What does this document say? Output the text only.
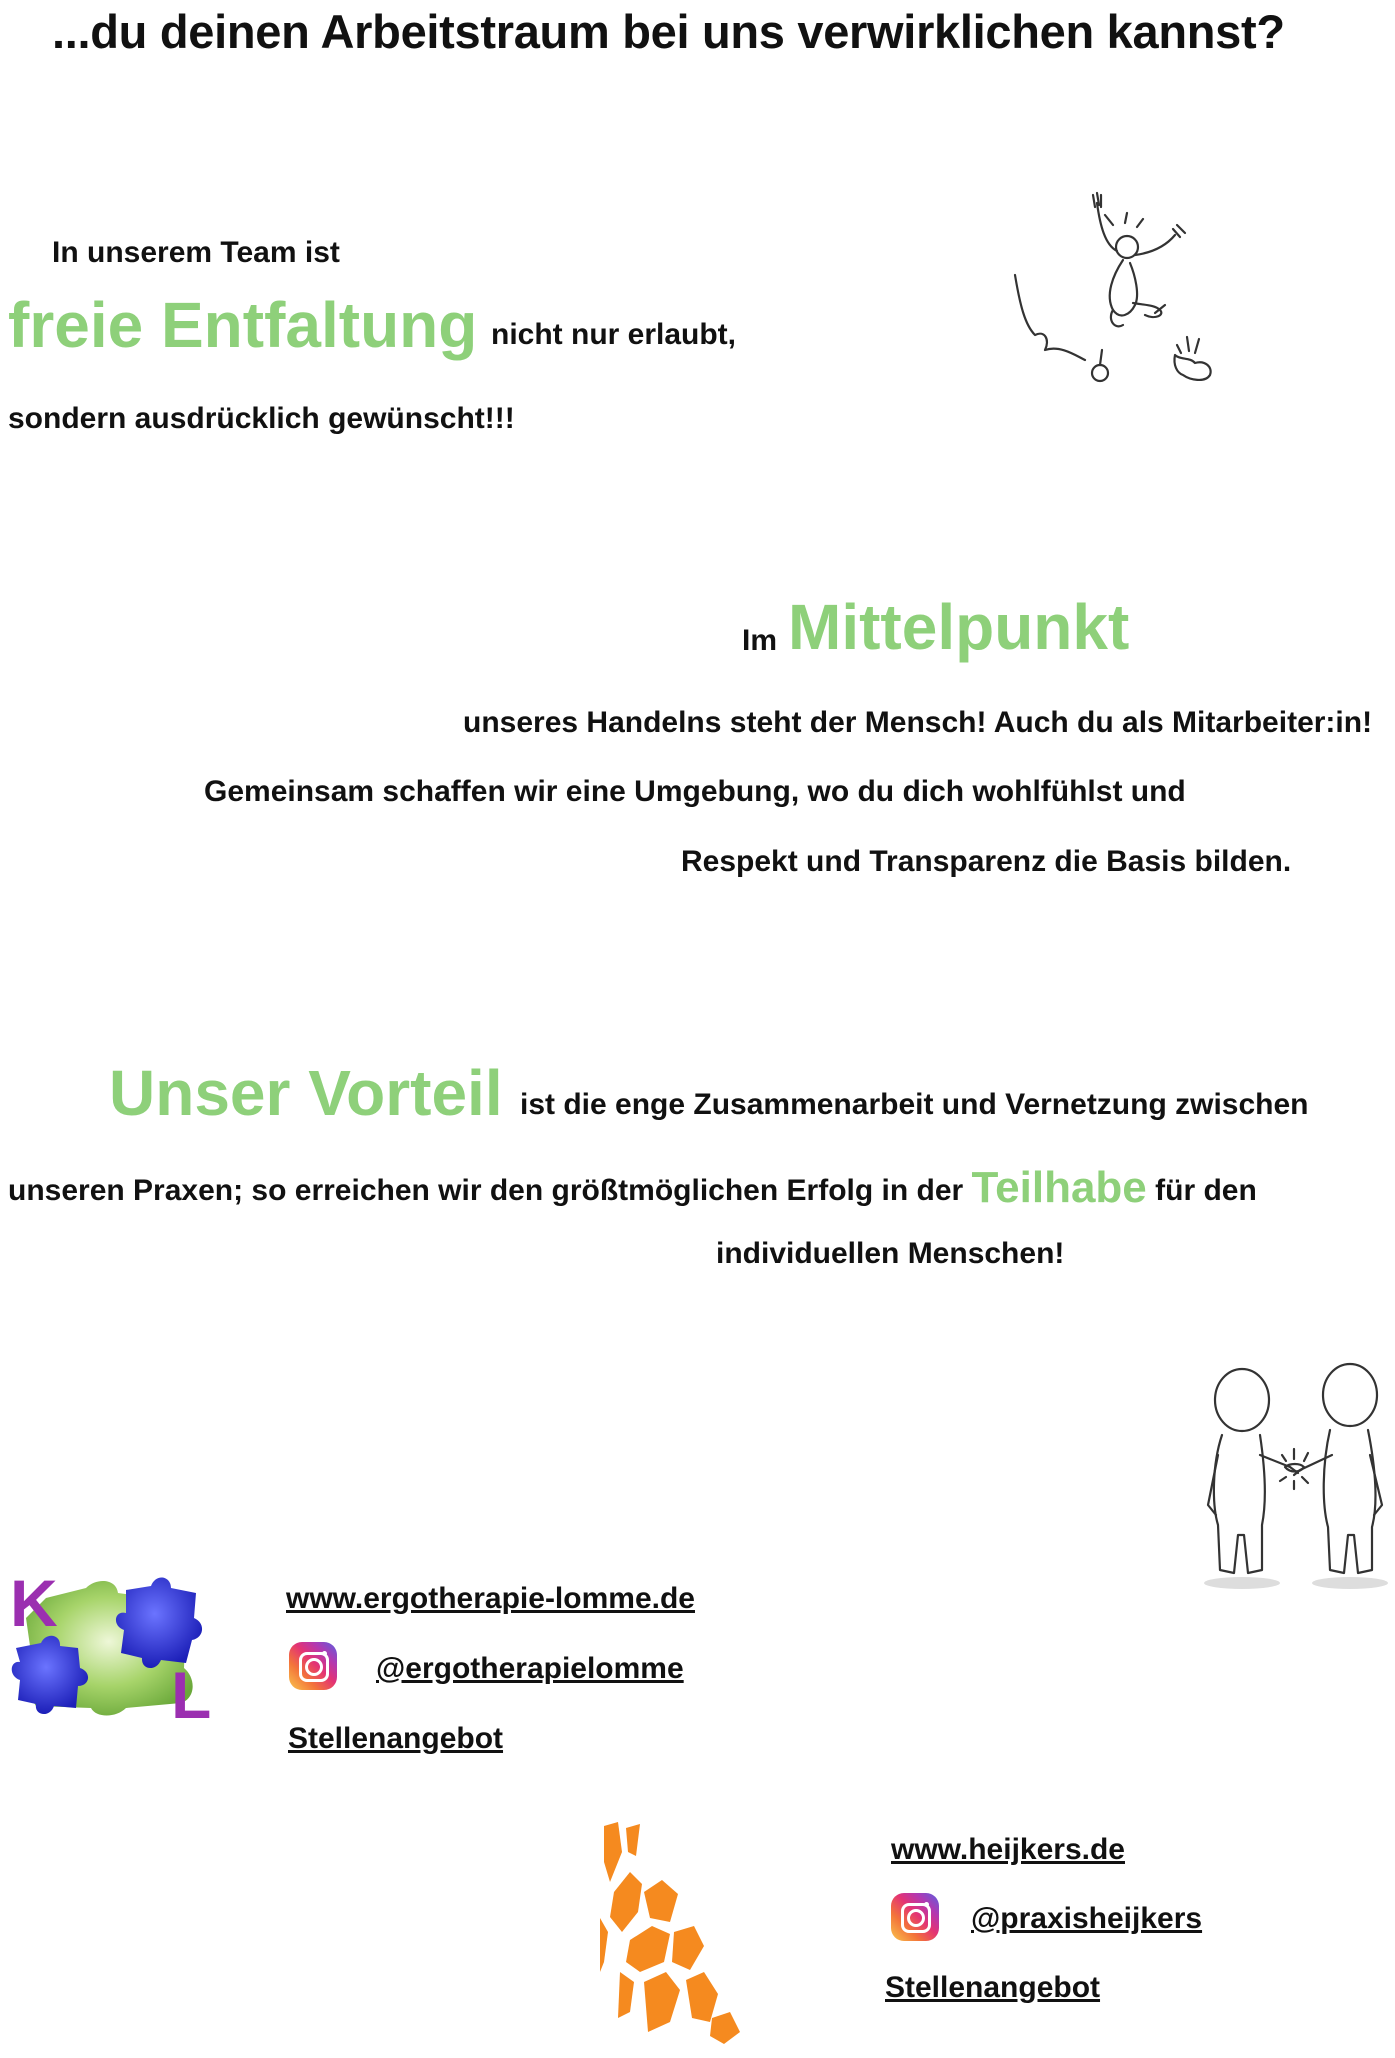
...du deinen Arbeitstraum bei uns verwirklichen kannst?
In unserem Team ist
freie Entfaltung nicht nur erlaubt,
sondern ausdrücklich gewünscht!!!
Im Mittelpunkt
unseres Handelns steht der Mensch! Auch du als Mitarbeiter:in!
Gemeinsam schaffen wir eine Umgebung, wo du dich wohlfühlst und
Respekt und Transparenz die Basis bilden.
Unser Vorteil ist die enge Zusammenarbeit und Vernetzung zwischen
unseren Praxen; so erreichen wir den größtmöglichen Erfolg in der Teilhabe für den
individuellen Menschen!
K
L
www.ergotherapie-lomme.de
@ergotherapielomme
Stellenangebot
www.heijkers.de
@praxisheijkers
Stellenangebot
